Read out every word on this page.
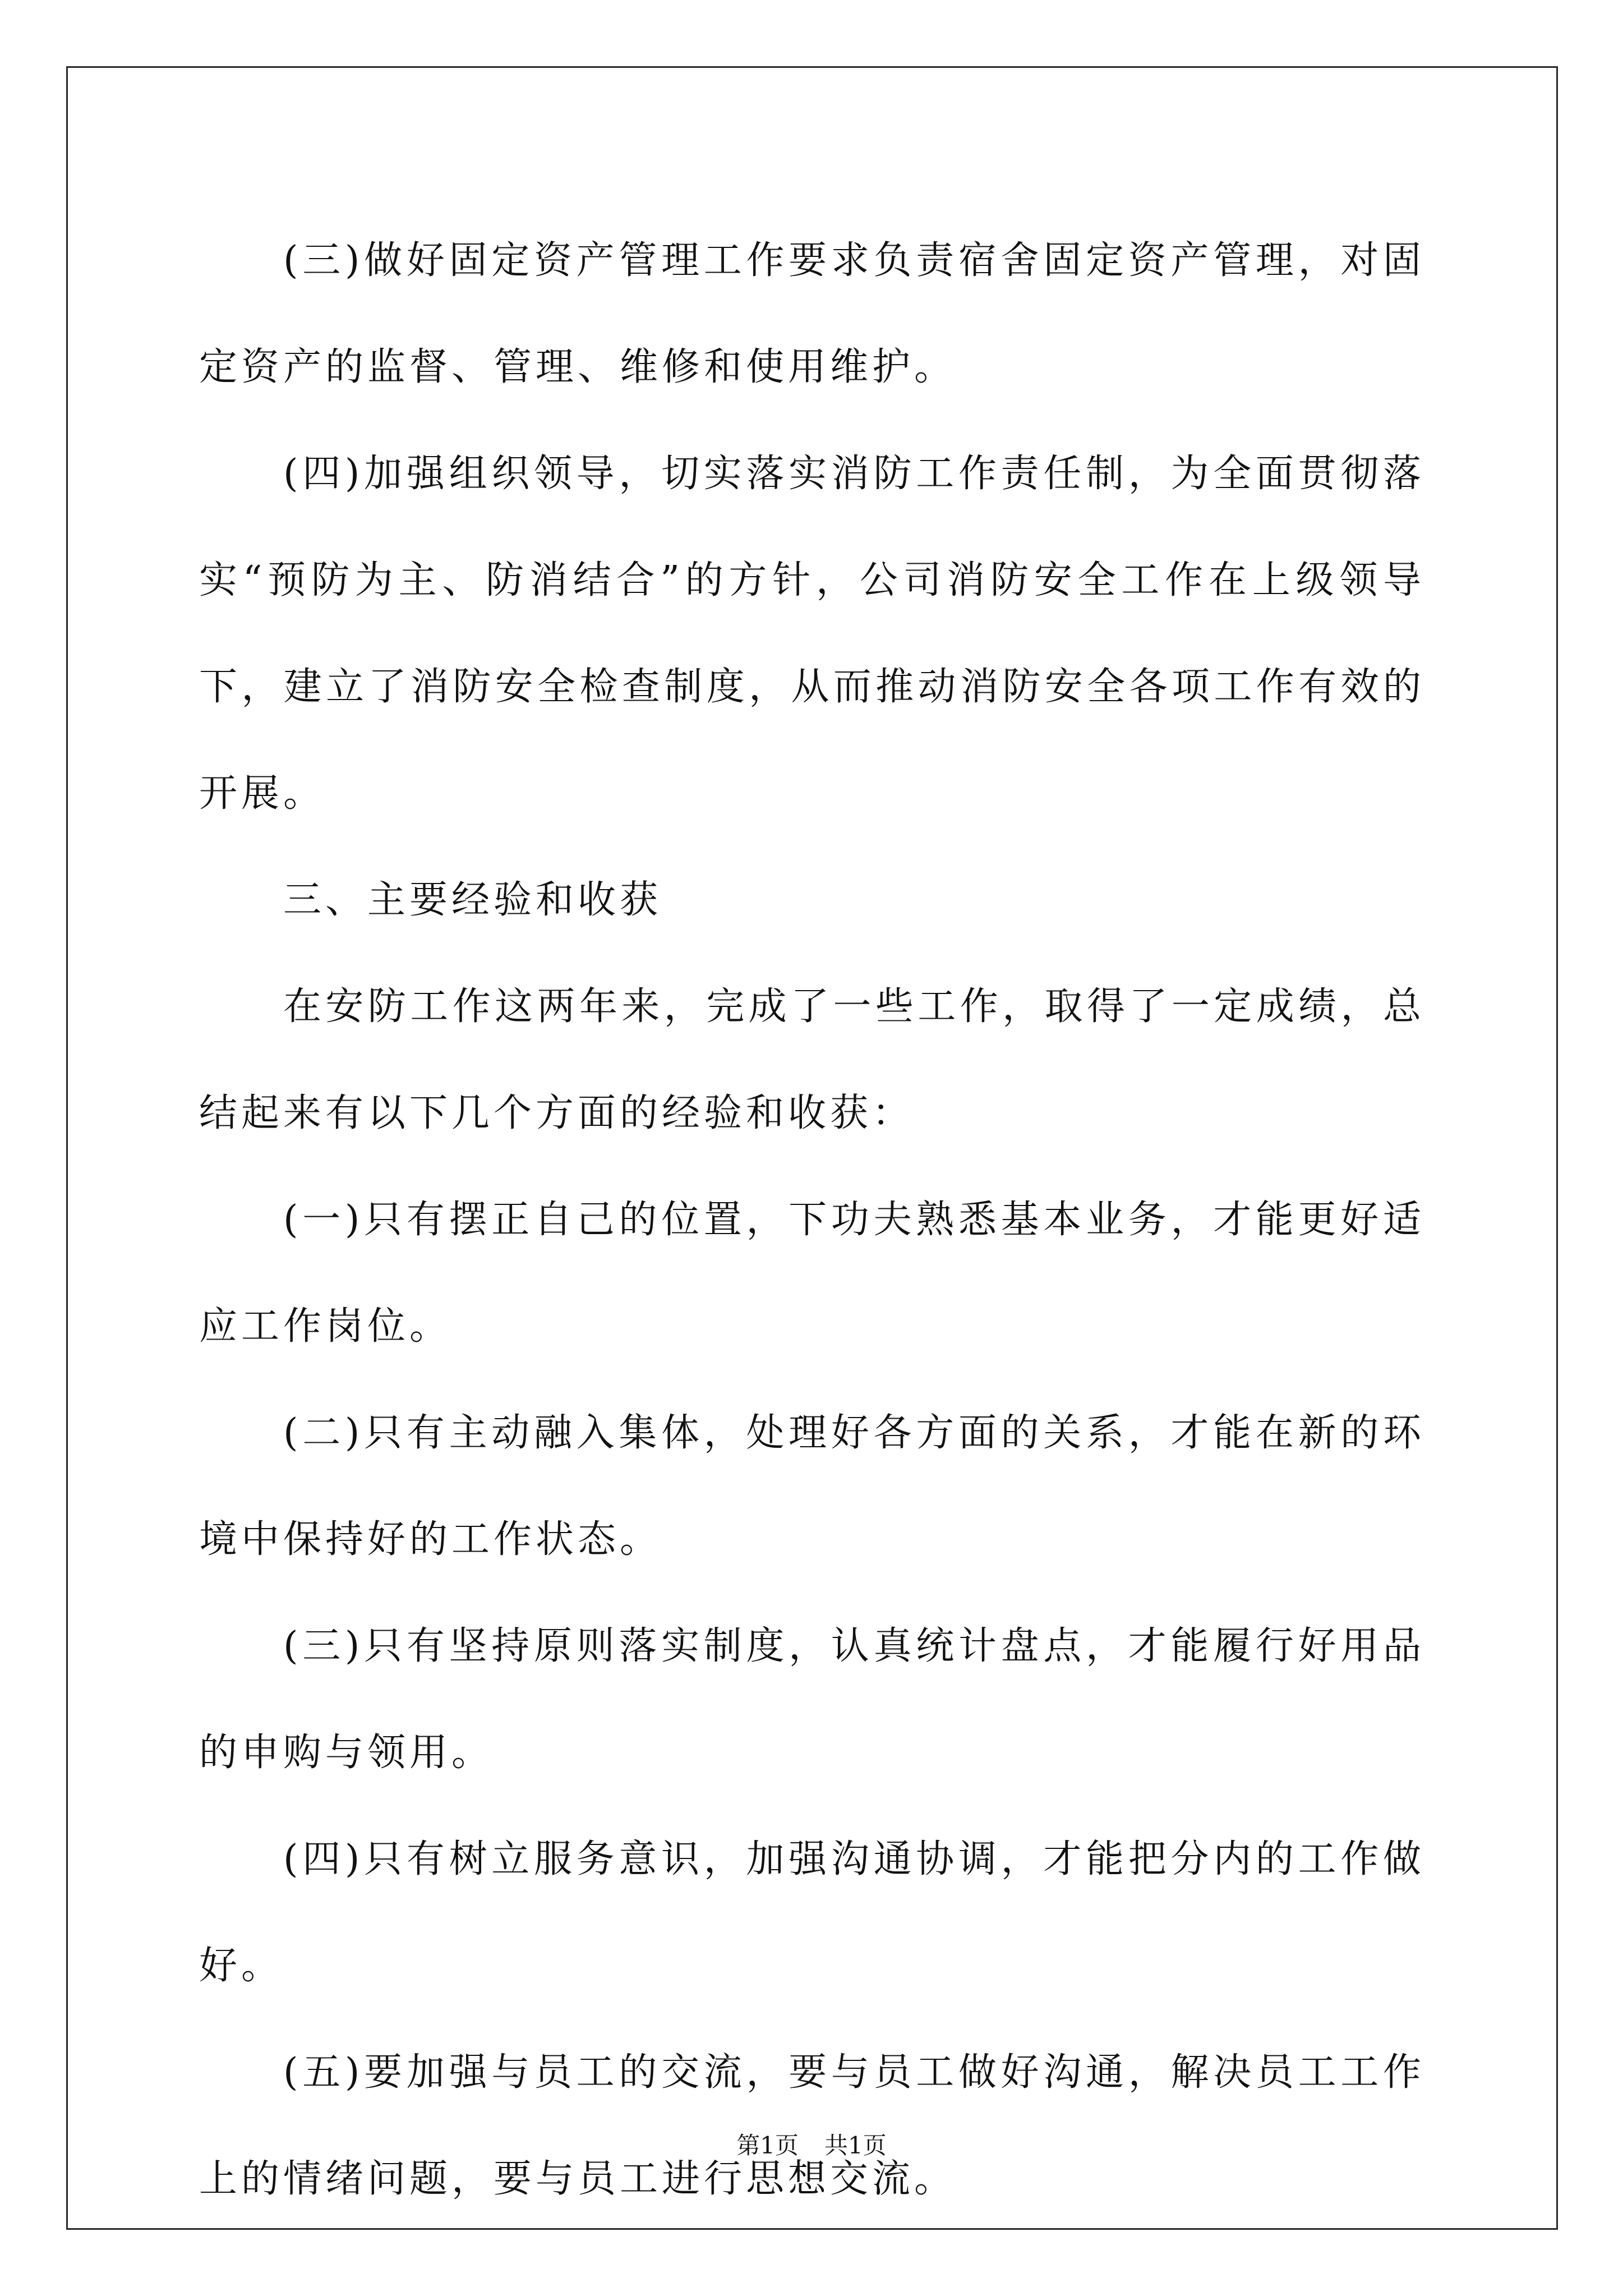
(三)做好固定资产管理工作要求负责宿舍固定资产管理，对固定资产的监督、管理、维修和使用维护。

(四)加强组织领导，切实落实消防工作责任制，为全面贯彻落实“预防为主、防消结合”的方针，公司消防安全工作在上级领导下，建立了消防安全检查制度，从而推动消防安全各项工作有效的开展。

三、主要经验和收获

在安防工作这两年来，完成了一些工作，取得了一定成绩，总结起来有以下几个方面的经验和收获：

(一)只有摆正自己的位置，下功夫熟悉基本业务，才能更好适应工作岗位。

(二)只有主动融入集体，处理好各方面的关系，才能在新的环境中保持好的工作状态。

(三)只有坚持原则落实制度，认真统计盘点，才能履行好用品的申购与领用。

(四)只有树立服务意识，加强沟通协调，才能把分内的工作做好。

(五)要加强与员工的交流，要与员工做好沟通，解决员工工作上的情绪问题，要与员工进行思想交流。

第1页 共1页
